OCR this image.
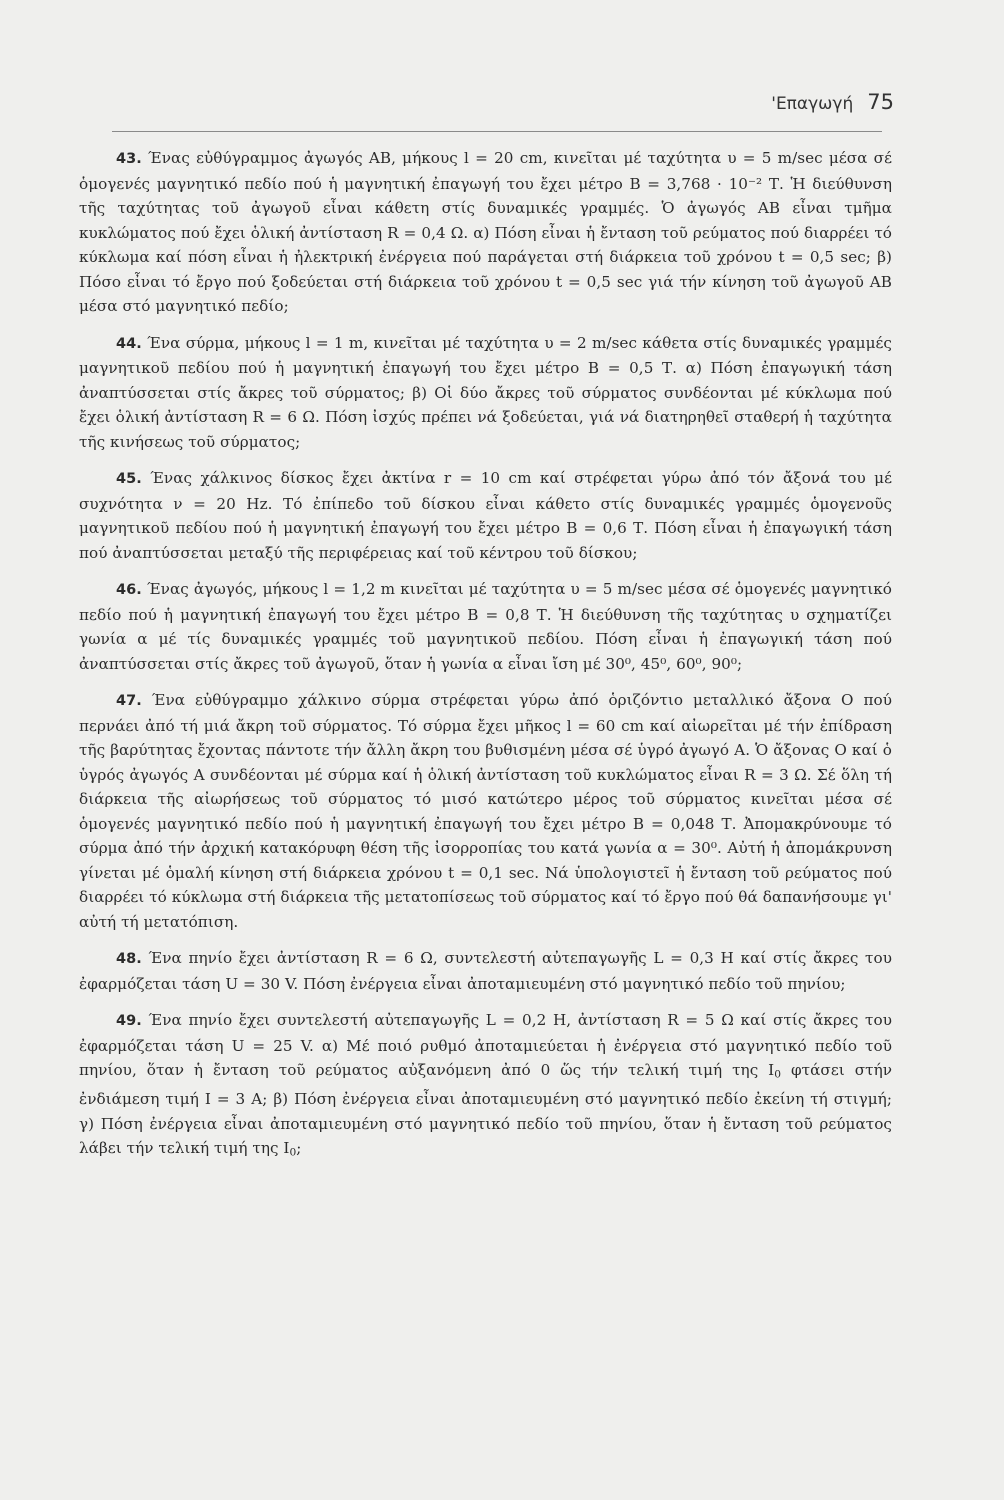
'Επαγωγή 75

43. Ένας εὐθύγραμμος ἀγωγός ΑΒ, μήκους l = 20 cm, κινεῖται μέ ταχύτητα υ = 5 m/sec μέσα σέ ὁμογενές μαγνητικό πεδίο πού ἡ μαγνητική ἐπαγωγή του ἔχει μέτρο Β = 3,768 · 10⁻² Τ. Ἡ διεύθυνση τῆς ταχύτητας τοῦ ἀγωγοῦ εἶναι κάθετη στίς δυναμικές γραμμές. Ὁ ἀγωγός ΑΒ εἶναι τμῆμα κυκλώματος πού ἔχει ὁλική ἀντίσταση R = 0,4 Ω. α) Πόση εἶναι ἡ ἔνταση τοῦ ρεύματος πού διαρρέει τό κύκλωμα καί πόση εἶναι ἡ ἠλεκτρική ἐνέργεια πού παράγεται στή διάρκεια τοῦ χρόνου t = 0,5 sec; β) Πόσο εἶναι τό ἔργο πού ξοδεύεται στή διάρκεια τοῦ χρόνου t = 0,5 sec γιά τήν κίνηση τοῦ ἀγωγοῦ ΑΒ μέσα στό μαγνητικό πεδίο;

44. Ένα σύρμα, μήκους l = 1 m, κινεῖται μέ ταχύτητα υ = 2 m/sec κάθετα στίς δυναμικές γραμμές μαγνητικοῦ πεδίου πού ἡ μαγνητική ἐπαγωγή του ἔχει μέτρο Β = 0,5 Τ. α) Πόση ἐπαγωγική τάση ἀναπτύσσεται στίς ἄκρες τοῦ σύρματος; β) Οἱ δύο ἄκρες τοῦ σύρματος συνδέονται μέ κύκλωμα πού ἔχει ὁλική ἀντίσταση R = 6 Ω. Πόση ἰσχύς πρέπει νά ξοδεύεται, γιά νά διατηρηθεῖ σταθερή ἡ ταχύτητα τῆς κινήσεως τοῦ σύρματος;

45. Ένας χάλκινος δίσκος ἔχει ἀκτίνα r = 10 cm καί στρέφεται γύρω ἀπό τόν ἄξονά του μέ συχνότητα ν = 20 Hz. Τό ἐπίπεδο τοῦ δίσκου εἶναι κάθετο στίς δυναμικές γραμμές ὁμογενοῦς μαγνητικοῦ πεδίου πού ἡ μαγνητική ἐπαγωγή του ἔχει μέτρο Β = 0,6 Τ. Πόση εἶναι ἡ ἐπαγωγική τάση πού ἀναπτύσσεται μεταξύ τῆς περιφέρειας καί τοῦ κέντρου τοῦ δίσκου;

46. Ένας ἀγωγός, μήκους l = 1,2 m κινεῖται μέ ταχύτητα υ = 5 m/sec μέσα σέ ὁμογενές μαγνητικό πεδίο πού ἡ μαγνητική ἐπαγωγή του ἔχει μέτρο Β = 0,8 Τ. Ἡ διεύθυνση τῆς ταχύτητας υ σχηματίζει γωνία α μέ τίς δυναμικές γραμμές τοῦ μαγνητικοῦ πεδίου. Πόση εἶναι ἡ ἐπαγωγική τάση πού ἀναπτύσσεται στίς ἄκρες τοῦ ἀγωγοῦ, ὅταν ἡ γωνία α εἶναι ἴση μέ 30⁰, 45⁰, 60⁰, 90⁰;

47. Ένα εὐθύγραμμο χάλκινο σύρμα στρέφεται γύρω ἀπό ὁριζόντιο μεταλλικό ἄξονα Ο πού περνάει ἀπό τή μιά ἄκρη τοῦ σύρματος. Τό σύρμα ἔχει μῆκος l = 60 cm καί αἰωρεῖται μέ τήν ἐπίδραση τῆς βαρύτητας ἔχοντας πάντοτε τήν ἄλλη ἄκρη του βυθισμένη μέσα σέ ὑγρό ἀγωγό Α. Ὁ ἄξονας Ο καί ὁ ὑγρός ἀγωγός Α συνδέονται μέ σύρμα καί ἡ ὁλική ἀντίσταση τοῦ κυκλώματος εἶναι R = 3 Ω. Σέ ὅλη τή διάρκεια τῆς αἰωρήσεως τοῦ σύρματος τό μισό κατώτερο μέρος τοῦ σύρματος κινεῖται μέσα σέ ὁμογενές μαγνητικό πεδίο πού ἡ μαγνητική ἐπαγωγή του ἔχει μέτρο Β = 0,048 Τ. Ἀπομακρύνουμε τό σύρμα ἀπό τήν ἀρχική κατακόρυφη θέση τῆς ἰσορροπίας του κατά γωνία α = 30⁰. Αὐτή ἡ ἀπομάκρυνση γίνεται μέ ὁμαλή κίνηση στή διάρκεια χρόνου t = 0,1 sec. Νά ὑπολογιστεῖ ἡ ἔνταση τοῦ ρεύματος πού διαρρέει τό κύκλωμα στή διάρκεια τῆς μετατοπίσεως τοῦ σύρματος καί τό ἔργο πού θά δαπανήσουμε γι' αὐτή τή μετατόπιση.

48. Ένα πηνίο ἔχει ἀντίσταση R = 6 Ω, συντελεστή αὐτεπαγωγῆς L = 0,3 Η καί στίς ἄκρες του ἐφαρμόζεται τάση U = 30 V. Πόση ἐνέργεια εἶναι ἀποταμιευμένη στό μαγνητικό πεδίο τοῦ πηνίου;

49. Ένα πηνίο ἔχει συντελεστή αὐτεπαγωγῆς L = 0,2 Η, ἀντίσταση R = 5 Ω καί στίς ἄκρες του ἐφαρμόζεται τάση U = 25 V. α) Μέ ποιό ρυθμό ἀποταμιεύεται ἡ ἐνέργεια στό μαγνητικό πεδίο τοῦ πηνίου, ὅταν ἡ ἔνταση τοῦ ρεύματος αὐξανόμενη ἀπό 0 ὥς τήν τελική τιμή της $I_0$ φτάσει στήν ἐνδιάμεση τιμή I = 3 Α; β) Πόση ἐνέργεια εἶναι ἀποταμιευμένη στό μαγνητικό πεδίο ἐκείνη τή στιγμή; γ) Πόση ἐνέργεια εἶναι ἀποταμιευμένη στό μαγνητικό πεδίο τοῦ πηνίου, ὅταν ἡ ἔνταση τοῦ ρεύματος λάβει τήν τελική τιμή της $I_0$;
